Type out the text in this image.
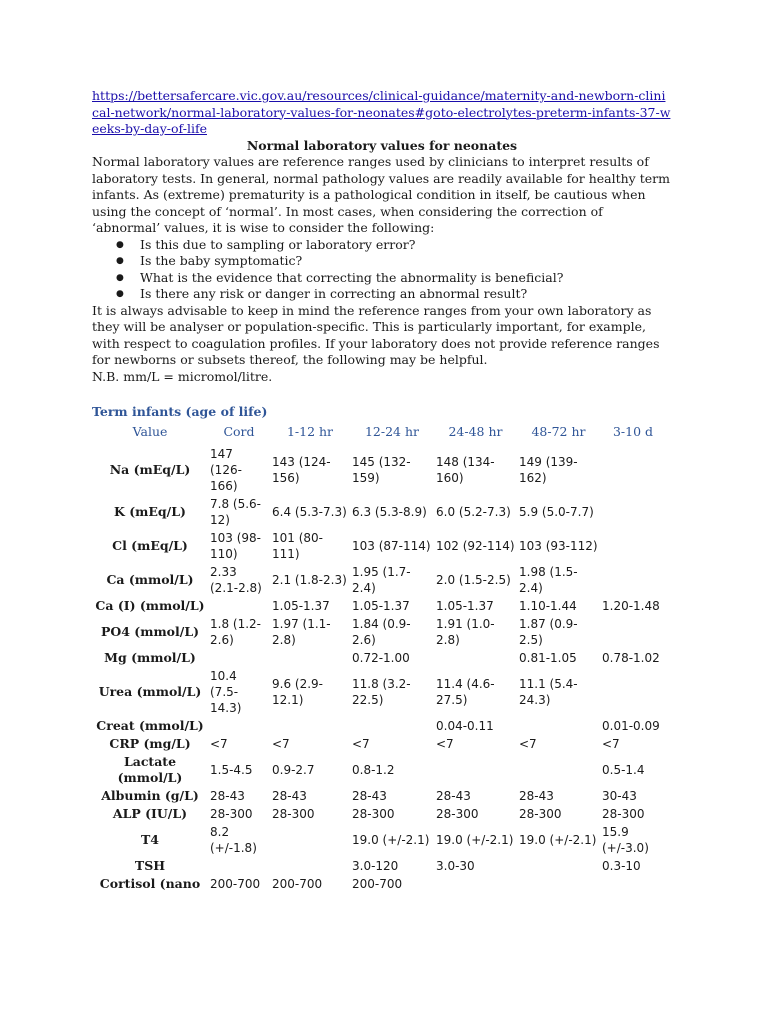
https://bettersafercare.vic.gov.au/resources/clinical-guidance/maternity-and-newborn-clinical-network/normal-laboratory-values-for-neonates#goto-electrolytes-preterm-infants-37-weeks-by-day-of-life

Normal laboratory values for neonates

Normal laboratory values are reference ranges used by clinicians to interpret results of laboratory tests. In general, normal pathology values are readily available for healthy term infants. As (extreme) prematurity is a pathological condition in itself, be cautious when using the concept of ‘normal’. In most cases, when considering the correction of ‘abnormal’ values, it is wise to consider the following:

● Is this due to sampling or laboratory error?
● Is the baby symptomatic?
● What is the evidence that correcting the abnormality is beneficial?
● Is there any risk or danger in correcting an abnormal result?

It is always advisable to keep in mind the reference ranges from your own laboratory as they will be analyser or population-specific. This is particularly important, for example, with respect to coagulation profiles. If your laboratory does not provide reference ranges for newborns or subsets thereof, the following may be helpful.

N.B. mm/L = micromol/litre.

Term infants (age of life)
Value	Cord	1-12 hr	12-24 hr	24-48 hr	48-72 hr	3-10 d
Na (mEq/L)	147 (126-166)	143 (124-156)	145 (132-159)	148 (134-160)	149 (139-162)	
K (mEq/L)	7.8 (5.6-12)	6.4 (5.3-7.3)	6.3 (5.3-8.9)	6.0 (5.2-7.3)	5.9 (5.0-7.7)	
Cl (mEq/L)	103 (98-110)	101 (80-111)	103 (87-114)	102 (92-114)	103 (93-112)	
Ca (mmol/L)	2.33 (2.1-2.8)	2.1 (1.8-2.3)	1.95 (1.7-2.4)	2.0 (1.5-2.5)	1.98 (1.5-2.4)	
Ca (I) (mmol/L)		1.05-1.37	1.05-1.37	1.05-1.37	1.10-1.44	1.20-1.48
PO4 (mmol/L)	1.8 (1.2-2.6)	1.97 (1.1-2.8)	1.84 (0.9-2.6)	1.91 (1.0-2.8)	1.87 (0.9-2.5)	
Mg (mmol/L)			0.72-1.00		0.81-1.05	0.78-1.02
Urea (mmol/L)	10.4 (7.5-14.3)	9.6 (2.9-12.1)	11.8 (3.2-22.5)	11.4 (4.6-27.5)	11.1 (5.4-24.3)	
Creat (mmol/L)				0.04-0.11		0.01-0.09
CRP (mg/L)	<7	<7	<7	<7	<7	<7
Lactate (mmol/L)	1.5-4.5	0.9-2.7	0.8-1.2			0.5-1.4
Albumin (g/L)	28-43	28-43	28-43	28-43	28-43	30-43
ALP (IU/L)	28-300	28-300	28-300	28-300	28-300	28-300
T4	8.2 (+/-1.8)		19.0 (+/-2.1)	19.0 (+/-2.1)	19.0 (+/-2.1)	15.9 (+/-3.0)
TSH			3.0-120	3.0-30		0.3-10
Cortisol (nano	200-700	200-700	200-700			
